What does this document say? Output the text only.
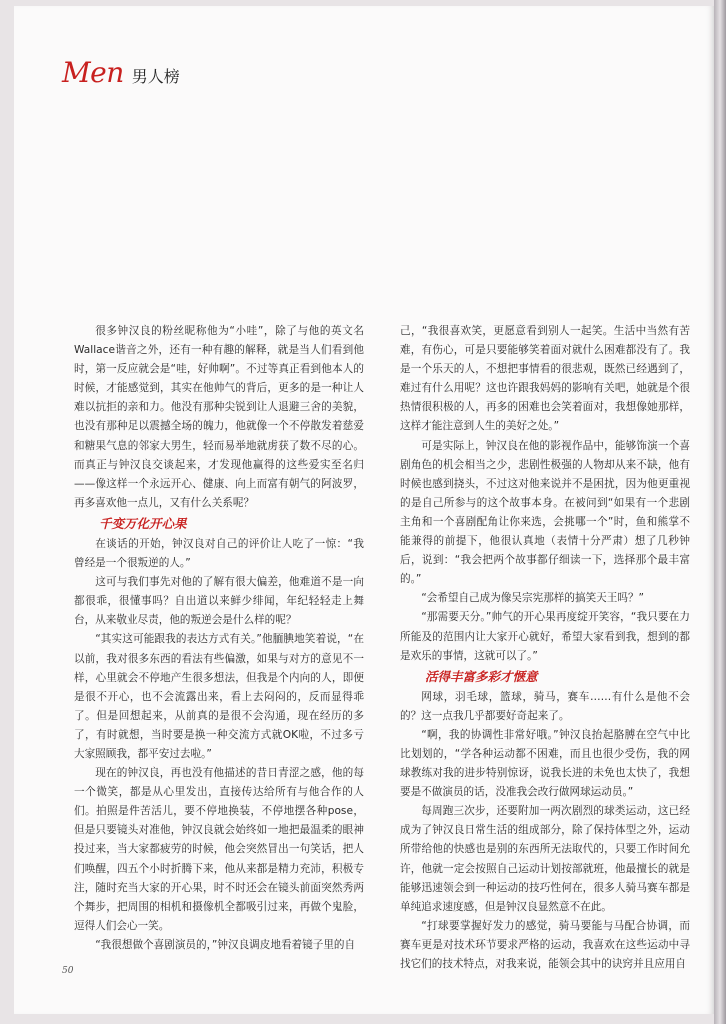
Men 男人榜

很多钟汉良的粉丝昵称他为“小哇”，除了与他的英文名Wallace谐音之外，还有一种有趣的解释，就是当人们看到他时，第一反应就会是“哇，好帅啊”。不过等真正看到他本人的时候，才能感觉到，其实在他帅气的背后，更多的是一种让人难以抗拒的亲和力。他没有那种尖锐到让人退避三舍的美貌，也没有那种足以震撼全场的魄力，他就像一个不停散发着慈爱和糖果气息的邻家大男生，轻而易举地就虏获了数不尽的心。而真正与钟汉良交谈起来，才发现他赢得的这些爱实至名归——像这样一个永远开心、健康、向上而富有朝气的阿波罗，再多喜欢他一点儿，又有什么关系呢？

千变万化开心果

在谈话的开始，钟汉良对自己的评价让人吃了一惊：“我曾经是一个很叛逆的人。”

这可与我们事先对他的了解有很大偏差，他难道不是一向都很乖，很懂事吗？自出道以来鲜少绯闻，年纪轻轻走上舞台，从来敬业尽责，他的叛逆会是什么样的呢？

“其实这可能跟我的表达方式有关。”他腼腆地笑着说，“在以前，我对很多东西的看法有些偏激，如果与对方的意见不一样，心里就会不停地产生很多想法，但我是个内向的人，即便是很不开心，也不会流露出来，看上去闷闷的，反而显得乖了。但是回想起来，从前真的是很不会沟通，现在经历的多了，有时就想，当时要是换一种交流方式就OK啦，不过多亏大家照顾我，都平安过去啦。”

现在的钟汉良，再也没有他描述的昔日青涩之感，他的每一个微笑，都是从心里发出，直接传达给所有与他合作的人们。拍照是件苦活儿，要不停地换装，不停地摆各种pose，但是只要镜头对准他，钟汉良就会始终如一地把最温柔的眼神投过来，当大家都疲劳的时候，他会突然冒出一句笑话，把人们唤醒，四五个小时折腾下来，他从来都是精力充沛，积极专注，随时充当大家的开心果，时不时还会在镜头前面突然秀两个舞步，把周围的相机和摄像机全都吸引过来，再做个鬼脸，逗得人们会心一笑。

“我很想做个喜剧演员的，”钟汉良调皮地看着镜子里的自

己，“我很喜欢笑，更愿意看到别人一起笑。生活中当然有苦难，有伤心，可是只要能够笑着面对就什么困难都没有了。我是一个乐天的人，不想把事情看的很悲观，既然已经遇到了，难过有什么用呢？这也许跟我妈妈的影响有关吧，她就是个很热情很积极的人，再多的困难也会笑着面对，我想像她那样，这样才能注意到人生的美好之处。”

可是实际上，钟汉良在他的影视作品中，能够饰演一个喜剧角色的机会相当之少，悲剧性极强的人物却从来不缺，他有时候也感到挠头，不过这对他来说并不是困扰，因为他更重视的是自己所参与的这个故事本身。在被问到“如果有一个悲剧主角和一个喜剧配角让你来选，会挑哪一个”时，鱼和熊掌不能兼得的前提下，他很认真地（表情十分严肃）想了几秒钟后，说到：“我会把两个故事都仔细读一下，选择那个最丰富的。”

“会希望自己成为像吴宗宪那样的搞笑天王吗？”

“那需要天分。”帅气的开心果再度绽开笑容，“我只要在力所能及的范围内让大家开心就好，希望大家看到我，想到的都是欢乐的事情，这就可以了。”

活得丰富多彩才惬意

网球，羽毛球，篮球，骑马，赛车……有什么是他不会的？这一点我几乎都要好奇起来了。

“啊，我的协调性非常好哦。”钟汉良抬起胳膊在空气中比比划划的，“学各种运动都不困难，而且也很少受伤，我的网球教练对我的进步特别惊讶，说我长进的未免也太快了，我想要是不做演员的话，没准我会改行做网球运动员。”

每周跑三次步，还要附加一两次剧烈的球类运动，这已经成为了钟汉良日常生活的组成部分，除了保持体型之外，运动所带给他的快感也是别的东西所无法取代的，只要工作时间允许，他就一定会按照自己运动计划按部就班，他最擅长的就是能够迅速领会到一种运动的技巧性何在，很多人骑马赛车都是单纯追求速度感，但是钟汉良显然意不在此。

“打球要掌握好发力的感觉，骑马要能与马配合协调，而赛车更是对技术环节要求严格的运动，我喜欢在这些运动中寻找它们的技术特点，对我来说，能领会其中的诀窍并且应用自

50
